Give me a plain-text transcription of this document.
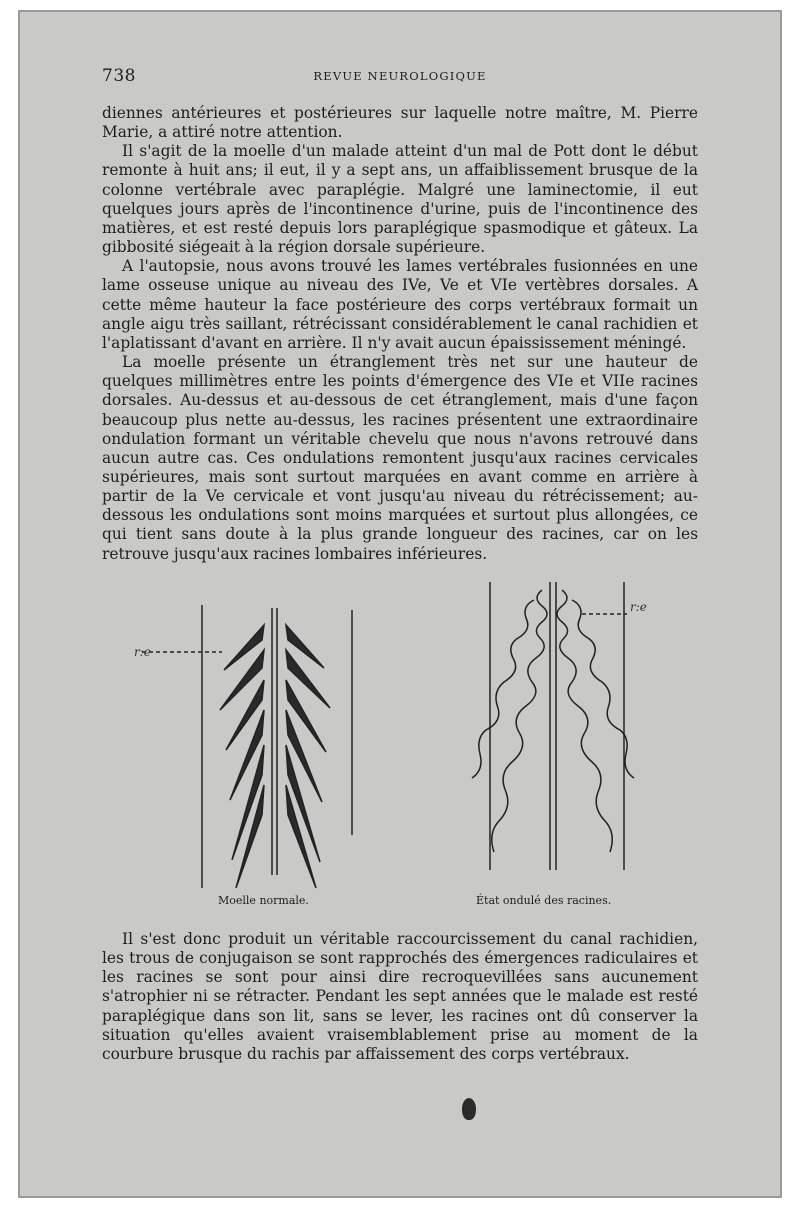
738	REVUE NEUROLOGIQUE

diennes antérieures et postérieures sur laquelle notre maître, M. Pierre Marie, a attiré notre attention.

Il s'agit de la moelle d'un malade atteint d'un mal de Pott dont le début remonte à huit ans; il eut, il y a sept ans, un affaiblissement brusque de la colonne vertébrale avec paraplégie. Malgré une laminectomie, il eut quelques jours après de l'incontinence d'urine, puis de l'incontinence des matières, et est resté depuis lors paraplégique spasmodique et gâteux. La gibbosité siégeait à la région dorsale supérieure.

A l'autopsie, nous avons trouvé les lames vertébrales fusionnées en une lame osseuse unique au niveau des IVe, Ve et VIe vertèbres dorsales. A cette même hauteur la face postérieure des corps vertébraux formait un angle aigu très saillant, rétrécissant considérablement le canal rachidien et l'aplatissant d'avant en arrière. Il n'y avait aucun épaississement méningé.

La moelle présente un étranglement très net sur une hauteur de quelques millimètres entre les points d'émergence des VIe et VIIe racines dorsales. Au-dessus et au-dessous de cet étranglement, mais d'une façon beaucoup plus nette au-dessus, les racines présentent une extraordinaire ondulation formant un véritable chevelu que nous n'avons retrouvé dans aucun autre cas. Ces ondulations remontent jusqu'aux racines cervicales supérieures, mais sont surtout marquées en avant comme en arrière à partir de la Ve cervicale et vont jusqu'au niveau du rétrécissement; au-dessous les ondulations sont moins marquées et surtout plus allongées, ce qui tient sans doute à la plus grande longueur des racines, car on les retrouve jusqu'aux racines lombaires inférieures.

r:e
r:e
Moelle normale.	État ondulé des racines.

Il s'est donc produit un véritable raccourcissement du canal rachidien, les trous de conjugaison se sont rapprochés des émergences radiculaires et les racines se sont pour ainsi dire recroquevillées sans aucunement s'atrophier ni se rétracter. Pendant les sept années que le malade est resté paraplégique dans son lit, sans se lever, les racines ont dû conserver la situation qu'elles avaient vraisemblablement prise au moment de la courbure brusque du rachis par affaissement des corps vertébraux.
